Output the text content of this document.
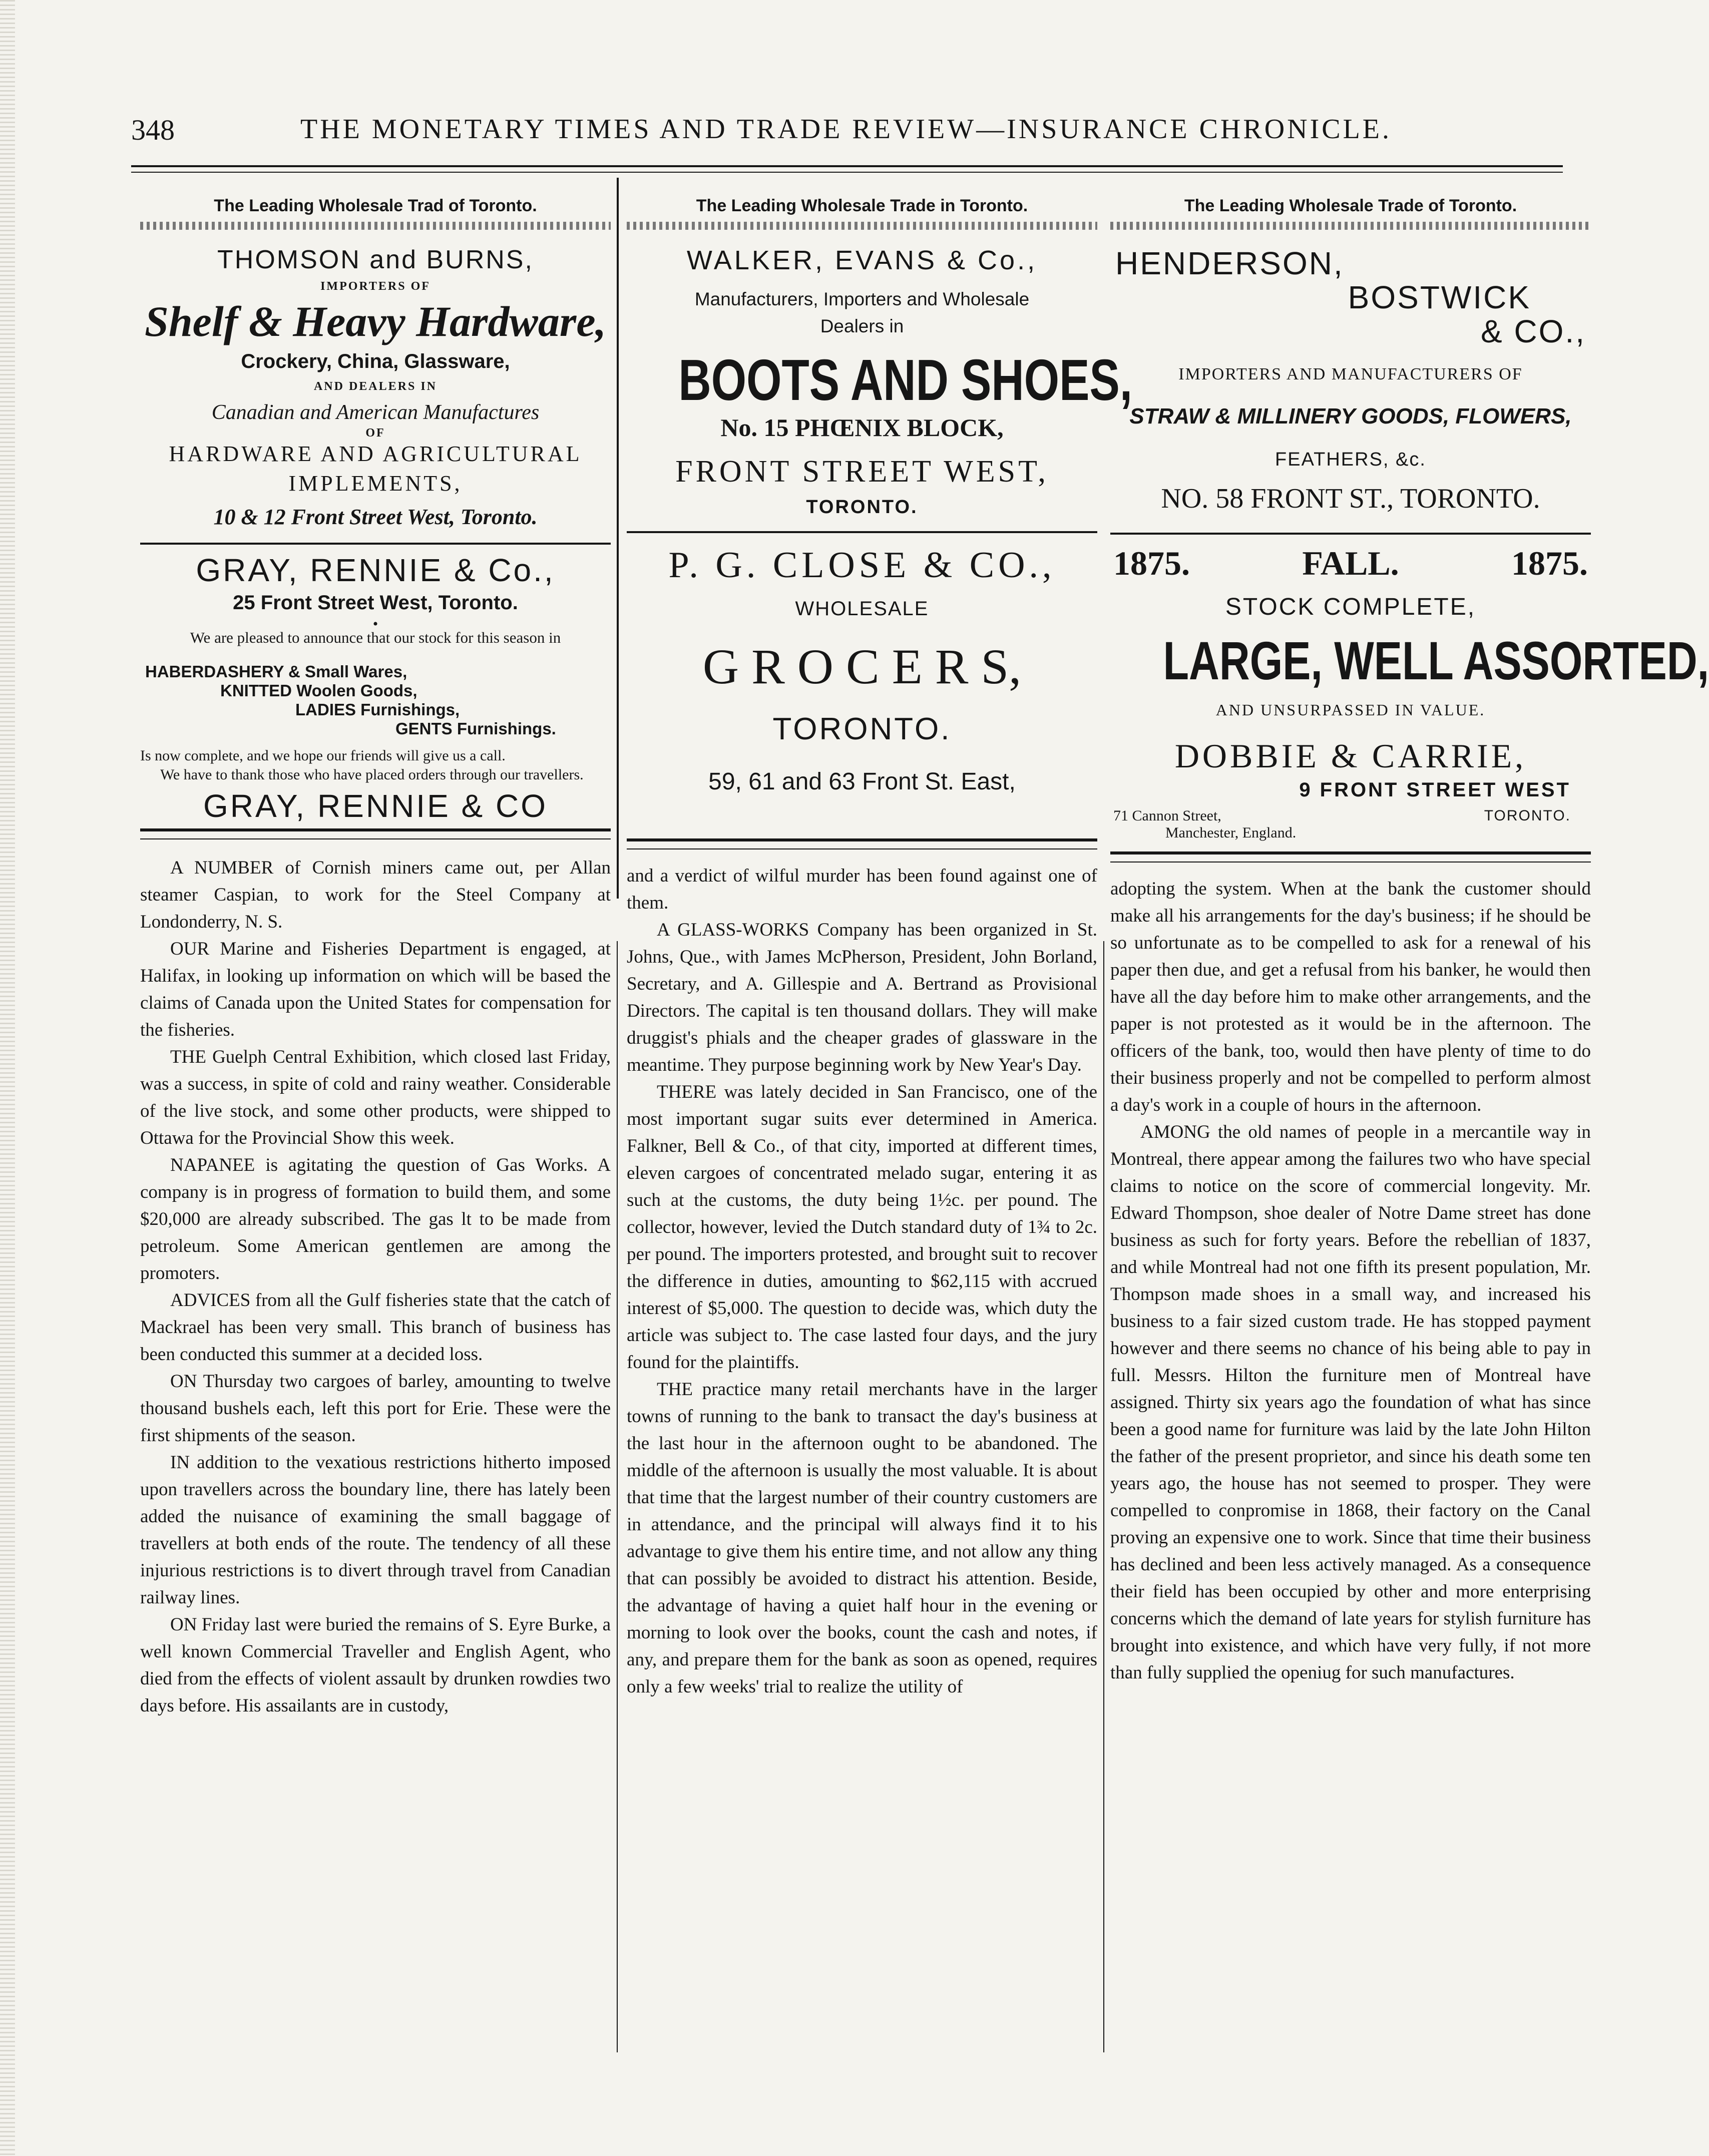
348	THE MONETARY TIMES AND TRADE REVIEW—INSURANCE CHRONICLE.
The Leading Wholesale Trad of Toronto.
THOMSON and BURNS,
IMPORTERS OF
Shelf & Heavy Hardware,
Crockery, China, Glassware,
AND DEALERS IN
Canadian and American Manufactures
OF
HARDWARE AND AGRICULTURAL
IMPLEMENTS,
10 & 12 Front Street West, Toronto.
GRAY, RENNIE & Co.,
25 Front Street West, Toronto.
•
We are pleased to announce that our stock for this season in
HABERDASHERY & Small Wares,
KNITTED Woolen Goods,
LADIES Furnishings,
GENTS Furnishings.
Is now complete, and we hope our friends will give us a call.
We have to thank those who have placed orders through our travellers.
GRAY, RENNIE & CO

A NUMBER of Cornish miners came out, per Allan steamer Caspian, to work for the Steel Company at Londonderry, N. S.

OUR Marine and Fisheries Department is engaged, at Halifax, in looking up information on which will be based the claims of Canada upon the United States for compensation for the fisheries.

THE Guelph Central Exhibition, which closed last Friday, was a success, in spite of cold and rainy weather. Considerable of the live stock, and some other products, were shipped to Ottawa for the Provincial Show this week.

NAPANEE is agitating the question of Gas Works. A company is in progress of formation to build them, and some $20,000 are already subscribed. The gas lt to be made from petroleum. Some American gentlemen are among the promoters.

ADVICES from all the Gulf fisheries state that the catch of Mackrael has been very small. This branch of business has been conducted this summer at a decided loss.

ON Thursday two cargoes of barley, amounting to twelve thousand bushels each, left this port for Erie. These were the first shipments of the season.

IN addition to the vexatious restrictions hitherto imposed upon travellers across the boundary line, there has lately been added the nuisance of examining the small baggage of travellers at both ends of the route. The tendency of all these injurious restrictions is to divert through travel from Canadian railway lines.

ON Friday last were buried the remains of S. Eyre Burke, a well known Commercial Traveller and English Agent, who died from the effects of violent assault by drunken rowdies two days before. His assailants are in custody,

The Leading Wholesale Trade in Toronto.
WALKER, EVANS & Co.,
Manufacturers, Importers and Wholesale Dealers in
BOOTS AND SHOES,
No. 15 PHŒNIX BLOCK,
FRONT STREET WEST,
TORONTO.
P. G. CLOSE & CO.,
WHOLESALE
G R O C E R S,
TORONTO.
59, 61 and 63 Front St. East,

and a verdict of wilful murder has been found against one of them.

A GLASS-WORKS Company has been organized in St. Johns, Que., with James McPherson, President, John Borland, Secretary, and A. Gillespie and A. Bertrand as Provisional Directors. The capital is ten thousand dollars. They will make druggist's phials and the cheaper grades of glassware in the meantime. They purpose beginning work by New Year's Day.

THERE was lately decided in San Francisco, one of the most important sugar suits ever determined in America. Falkner, Bell & Co., of that city, imported at different times, eleven cargoes of concentrated melado sugar, entering it as such at the customs, the duty being 1½c. per pound. The collector, however, levied the Dutch standard duty of 1¾ to 2c. per pound. The importers protested, and brought suit to recover the difference in duties, amounting to $62,115 with accrued interest of $5,000. The question to decide was, which duty the article was subject to. The case lasted four days, and the jury found for the plaintiffs.

THE practice many retail merchants have in the larger towns of running to the bank to transact the day's business at the last hour in the afternoon ought to be abandoned. The middle of the afternoon is usually the most valuable. It is about that time that the largest number of their country customers are in attendance, and the principal will always find it to his advantage to give them his entire time, and not allow any thing that can possibly be avoided to distract his attention. Beside, the advantage of having a quiet half hour in the evening or morning to look over the books, count the cash and notes, if any, and prepare them for the bank as soon as opened, requires only a few weeks' trial to realize the utility of

The Leading Wholesale Trade of Toronto.
HENDERSON,
BOSTWICK
& CO.,
IMPORTERS AND MANUFACTURERS OF
STRAW & MILLINERY GOODS, FLOWERS,
FEATHERS, &c.
NO. 58 FRONT ST., TORONTO.
1875.	FALL.	1875.
STOCK COMPLETE,
LARGE, WELL ASSORTED,
AND UNSURPASSED IN VALUE.
DOBBIE & CARRIE,
9 FRONT STREET WEST
71 Cannon Street,	TORONTO.
Manchester, England.

adopting the system. When at the bank the customer should make all his arrangements for the day's business; if he should be so unfortunate as to be compelled to ask for a renewal of his paper then due, and get a refusal from his banker, he would then have all the day before him to make other arrangements, and the paper is not protested as it would be in the afternoon. The officers of the bank, too, would then have plenty of time to do their business properly and not be compelled to perform almost a day's work in a couple of hours in the afternoon.

AMONG the old names of people in a mercantile way in Montreal, there appear among the failures two who have special claims to notice on the score of commercial longevity. Mr. Edward Thompson, shoe dealer of Notre Dame street has done business as such for forty years. Before the rebellian of 1837, and while Montreal had not one fifth its present population, Mr. Thompson made shoes in a small way, and increased his business to a fair sized custom trade. He has stopped payment however and there seems no chance of his being able to pay in full. Messrs. Hilton the furniture men of Montreal have assigned. Thirty six years ago the foundation of what has since been a good name for furniture was laid by the late John Hilton the father of the present proprietor, and since his death some ten years ago, the house has not seemed to prosper. They were compelled to conpromise in 1868, their factory on the Canal proving an expensive one to work. Since that time their business has declined and been less actively managed. As a consequence their field has been occupied by other and more enterprising concerns which the demand of late years for stylish furniture has brought into existence, and which have very fully, if not more than fully supplied the openiug for such manufactures.
